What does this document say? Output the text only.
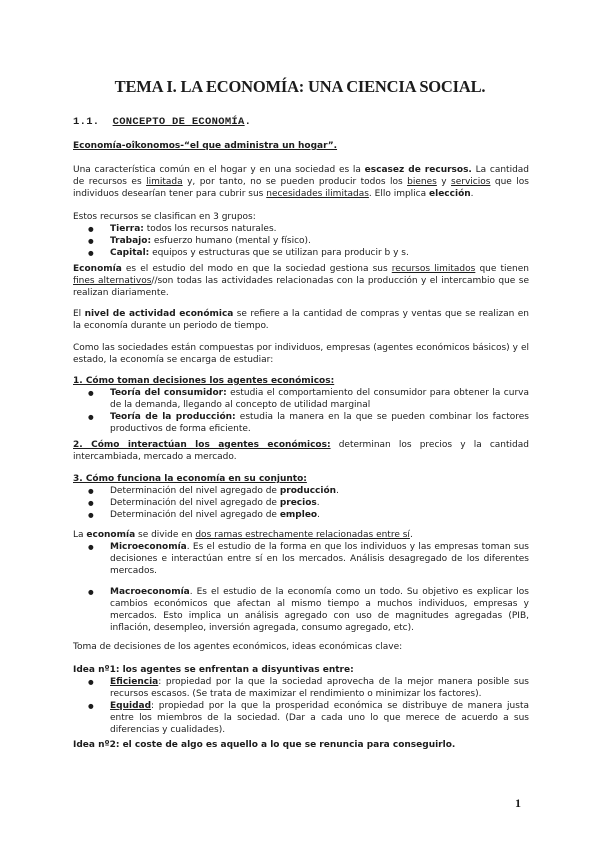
TEMA I. LA ECONOMÍA: UNA CIENCIA SOCIAL.
1.1. CONCEPTO DE ECONOMÍA.
Economía-oîkonomos-“el que administra un hogar”.
Una característica común en el hogar y en una sociedad es la escasez de recursos. La cantidad de recursos es limitada y, por tanto, no se pueden producir todos los bienes y servicios que los individuos desearían tener para cubrir sus necesidades ilimitadas. Ello implica elección.
Estos recursos se clasifican en 3 grupos:
● Tierra: todos los recursos naturales.
● Trabajo: esfuerzo humano (mental y físico).
● Capital: equipos y estructuras que se utilizan para producir b y s.
Economía es el estudio del modo en que la sociedad gestiona sus recursos limitados que tienen fines alternativos//son todas las actividades relacionadas con la producción y el intercambio que se realizan diariamente.
El nivel de actividad económica se refiere a la cantidad de compras y ventas que se realizan en la economía durante un periodo de tiempo.
Como las sociedades están compuestas por individuos, empresas (agentes económicos básicos) y el estado, la economía se encarga de estudiar:
1. Cómo toman decisiones los agentes económicos:
● Teoría del consumidor: estudia el comportamiento del consumidor para obtener la curva de la demanda, llegando al concepto de utilidad marginal
● Teoría de la producción: estudia la manera en la que se pueden combinar los factores productivos de forma eficiente.
2. Cómo interactúan los agentes económicos: determinan los precios y la cantidad intercambiada, mercado a mercado.
3. Cómo funciona la economía en su conjunto:
● Determinación del nivel agregado de producción.
● Determinación del nivel agregado de precios.
● Determinación del nivel agregado de empleo.
La economía se divide en dos ramas estrechamente relacionadas entre sí.
● Microeconomía. Es el estudio de la forma en que los individuos y las empresas toman sus decisiones e interactúan entre sí en los mercados. Análisis desagregado de los diferentes mercados.
● Macroeconomía. Es el estudio de la economía como un todo. Su objetivo es explicar los cambios económicos que afectan al mismo tiempo a muchos individuos, empresas y mercados. Esto implica un análisis agregado con uso de magnitudes agregadas (PIB, inflación, desempleo, inversión agregada, consumo agregado, etc).
Toma de decisiones de los agentes económicos, ideas económicas clave:
Idea nº1: los agentes se enfrentan a disyuntivas entre:
● Eficiencia: propiedad por la que la sociedad aprovecha de la mejor manera posible sus recursos escasos. (Se trata de maximizar el rendimiento o minimizar los factores).
● Equidad: propiedad por la que la prosperidad económica se distribuye de manera justa entre los miembros de la sociedad. (Dar a cada uno lo que merece de acuerdo a sus diferencias y cualidades).
Idea nº2: el coste de algo es aquello a lo que se renuncia para conseguirlo.
1
